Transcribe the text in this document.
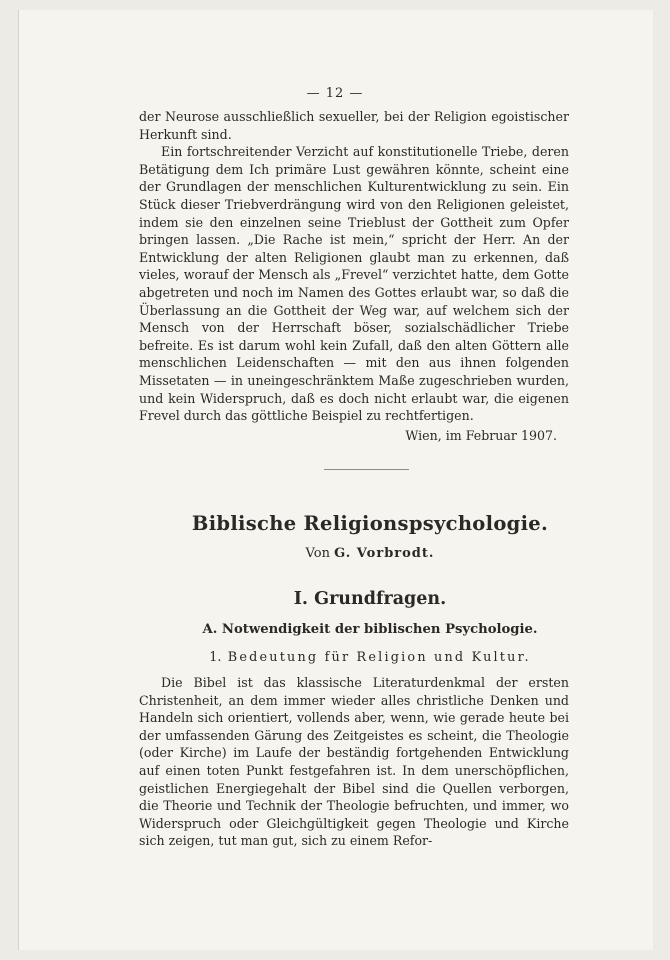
— 12 —

der Neurose ausschließlich sexueller, bei der Religion egoistischer Herkunft sind.

Ein fortschreitender Verzicht auf konstitutionelle Triebe, deren Betätigung dem Ich primäre Lust gewähren könnte, scheint eine der Grundlagen der menschlichen Kulturentwicklung zu sein. Ein Stück dieser Triebverdrängung wird von den Religionen geleistet, indem sie den einzelnen seine Trieblust der Gottheit zum Opfer bringen lassen. „Die Rache ist mein,“ spricht der Herr. An der Entwicklung der alten Religionen glaubt man zu erkennen, daß vieles, worauf der Mensch als „Frevel“ verzichtet hatte, dem Gotte abgetreten und noch im Namen des Gottes erlaubt war, so daß die Überlassung an die Gottheit der Weg war, auf welchem sich der Mensch von der Herrschaft böser, sozialschädlicher Triebe befreite. Es ist darum wohl kein Zufall, daß den alten Göttern alle menschlichen Leidenschaften — mit den aus ihnen folgenden Missetaten — in uneingeschränktem Maße zugeschrieben wurden, und kein Widerspruch, daß es doch nicht erlaubt war, die eigenen Frevel durch das göttliche Beispiel zu rechtfertigen.

Wien, im Februar 1907.

Biblische Religionspsychologie.
Von G. Vorbrodt.
I. Grundfragen.
A. Notwendigkeit der biblischen Psychologie.
1. Bedeutung für Religion und Kultur.

Die Bibel ist das klassische Literaturdenkmal der ersten Christenheit, an dem immer wieder alles christliche Denken und Handeln sich orientiert, vollends aber, wenn, wie gerade heute bei der umfassenden Gärung des Zeitgeistes es scheint, die Theologie (oder Kirche) im Laufe der beständig fortgehenden Entwicklung auf einen toten Punkt festgefahren ist. In dem unerschöpflichen, geistlichen Energiegehalt der Bibel sind die Quellen verborgen, die Theorie und Technik der Theologie befruchten, und immer, wo Widerspruch oder Gleichgültigkeit gegen Theologie und Kirche sich zeigen, tut man gut, sich zu einem Refor-
